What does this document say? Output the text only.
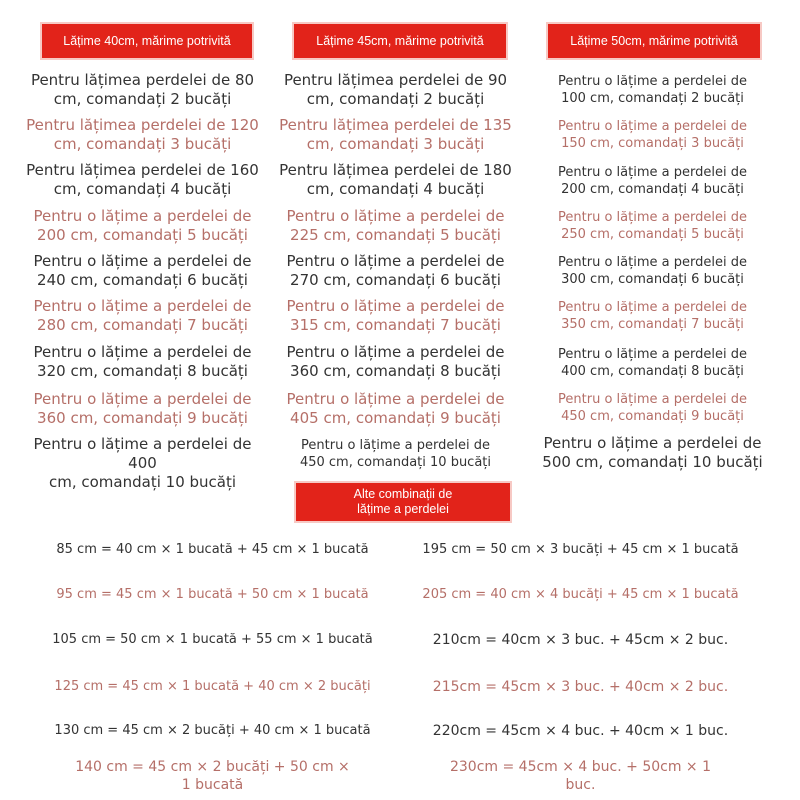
Lățime 40cm, mărime potrivită	Lățime 45cm, mărime potrivită	Lățime 50cm, mărime potrivită
Pentru lățimea perdelei de 80
cm, comandați 2 bucăți
Pentru lățimea perdelei de 120
cm, comandați 3 bucăți
Pentru lățimea perdelei de 160
cm, comandați 4 bucăți
Pentru o lățime a perdelei de
200 cm, comandați 5 bucăți
Pentru o lățime a perdelei de
240 cm, comandați 6 bucăți
Pentru o lățime a perdelei de
280 cm, comandați 7 bucăți
Pentru o lățime a perdelei de
320 cm, comandați 8 bucăți
Pentru o lățime a perdelei de
360 cm, comandați 9 bucăți
Pentru o lățime a perdelei de 400
cm, comandați 10 bucăți
Pentru lățimea perdelei de 90
cm, comandați 2 bucăți
Pentru lățimea perdelei de 135
cm, comandați 3 bucăți
Pentru lățimea perdelei de 180
cm, comandați 4 bucăți
Pentru o lățime a perdelei de
225 cm, comandați 5 bucăți
Pentru o lățime a perdelei de
270 cm, comandați 6 bucăți
Pentru o lățime a perdelei de
315 cm, comandați 7 bucăți
Pentru o lățime a perdelei de
360 cm, comandați 8 bucăți
Pentru o lățime a perdelei de
405 cm, comandați 9 bucăți
Pentru o lățime a perdelei de
450 cm, comandați 10 bucăți
Pentru o lățime a perdelei de
100 cm, comandați 2 bucăți
Pentru o lățime a perdelei de
150 cm, comandați 3 bucăți
Pentru o lățime a perdelei de
200 cm, comandați 4 bucăți
Pentru o lățime a perdelei de
250 cm, comandați 5 bucăți
Pentru o lățime a perdelei de
300 cm, comandați 6 bucăți
Pentru o lățime a perdelei de
350 cm, comandați 7 bucăți
Pentru o lățime a perdelei de
400 cm, comandați 8 bucăți
Pentru o lățime a perdelei de
450 cm, comandați 9 bucăți
Pentru o lățime a perdelei de
500 cm, comandați 10 bucăți
Alte combinații de
lățime a perdelei
85 cm = 40 cm × 1 bucată + 45 cm × 1 bucată
95 cm = 45 cm × 1 bucată + 50 cm × 1 bucată
105 cm = 50 cm × 1 bucată + 55 cm × 1 bucată
125 cm = 45 cm × 1 bucată + 40 cm × 2 bucăți
130 cm = 45 cm × 2 bucăți + 40 cm × 1 bucată
140 cm = 45 cm × 2 bucăți + 50 cm ×
1 bucată
195 cm = 50 cm × 3 bucăți + 45 cm × 1 bucată
205 cm = 40 cm × 4 bucăți + 45 cm × 1 bucată
210cm = 40cm × 3 buc. + 45cm × 2 buc.
215cm = 45cm × 3 buc. + 40cm × 2 buc.
220cm = 45cm × 4 buc. + 40cm × 1 buc.
230cm = 45cm × 4 buc. + 50cm × 1
buc.
